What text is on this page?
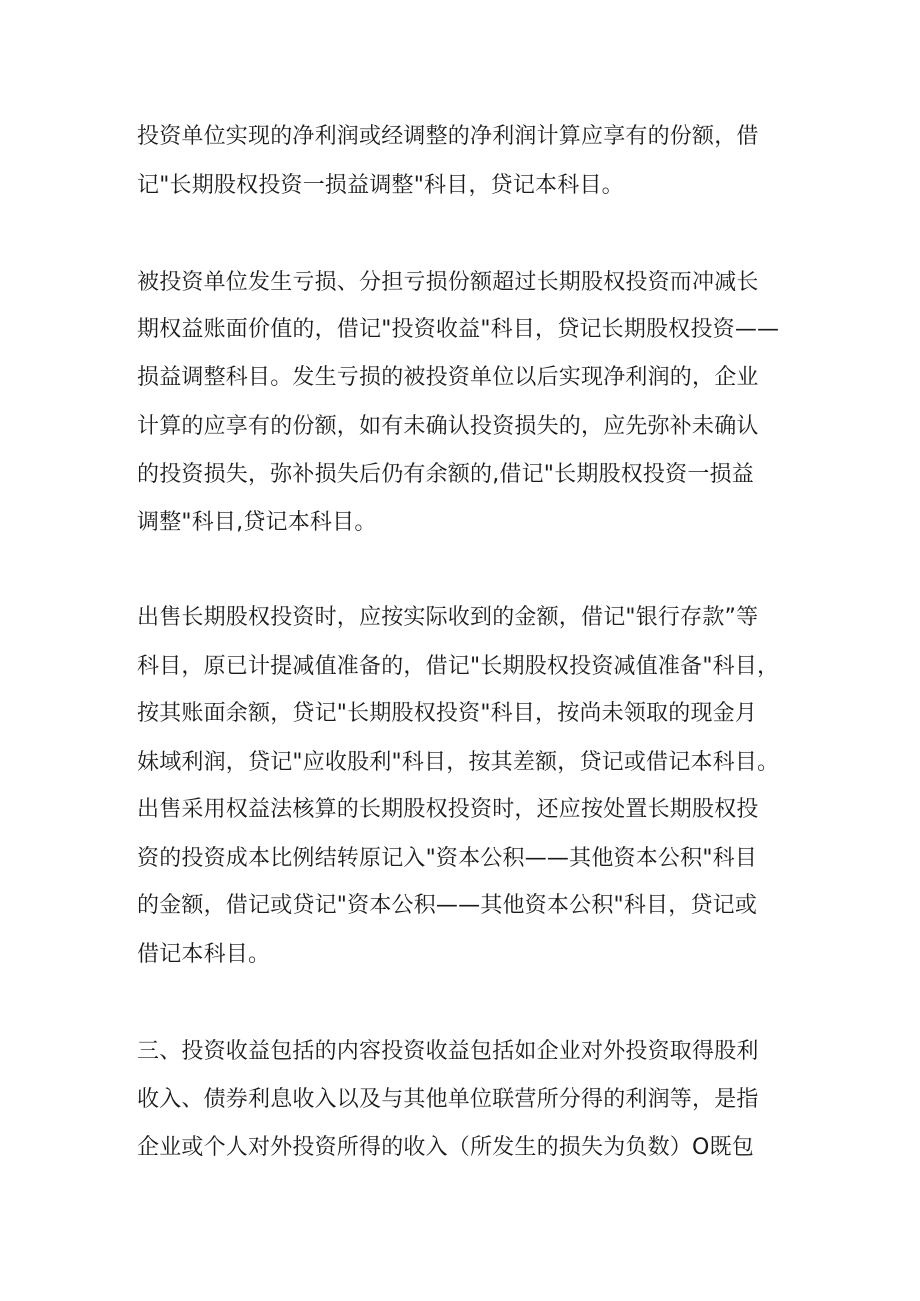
投资单位实现的净利润或经调整的净利润计算应享有的份额，借
记"长期股权投资一损益调整"科目，贷记本科目。
被投资单位发生亏损、分担亏损份额超过长期股权投资而冲减长
期权益账面价值的，借记"投资收益"科目，贷记长期股权投资——
损益调整科目。发生亏损的被投资单位以后实现净利润的，企业
计算的应享有的份额，如有未确认投资损失的，应先弥补未确认
的投资损失，弥补损失后仍有余额的,借记"长期股权投资一损益
调整"科目,贷记本科目。
出售长期股权投资时，应按实际收到的金额，借记"银行存款”等
科目，原已计提减值准备的，借记"长期股权投资减值准备"科目，
按其账面余额，贷记"长期股权投资"科目，按尚未领取的现金月
妹域利润，贷记"应收股利"科目，按其差额，贷记或借记本科目。
出售采用权益法核算的长期股权投资时，还应按处置长期股权投
资的投资成本比例结转原记入"资本公积——其他资本公积"科目
的金额，借记或贷记"资本公积——其他资本公积"科目，贷记或
借记本科目。
三、投资收益包括的内容投资收益包括如企业对外投资取得股利
收入、债券利息收入以及与其他单位联营所分得的利润等，是指
企业或个人对外投资所得的收入（所发生的损失为负数）O既包
